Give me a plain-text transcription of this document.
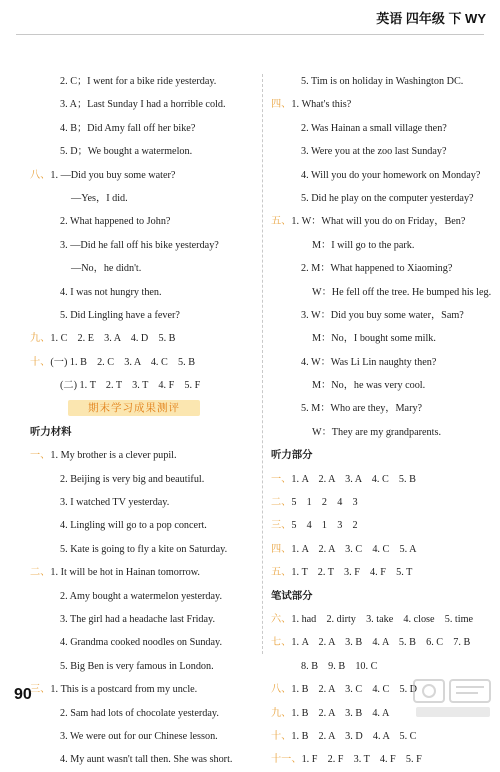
英语 四年级 下 WY
2. C；I went for a bike ride yesterday.
3. A；Last Sunday I had a horrible cold.
4. B；Did Amy fall off her bike?
5. D；We bought a watermelon.
八、1. —Did you buy some water?
—Yes，I did.
2. What happened to John?
3. —Did he fall off his bike yesterday?
—No，he didn't.
4. I was not hungry then.
5. Did Lingling have a fever?
九、1. C　2. E　3. A　4. D　5. B
十、(一) 1. B　2. C　3. A　4. C　5. B
(二) 1. T　2. T　3. T　4. F　5. F
期末学习成果测评
听力材料
一、1. My brother is a clever pupil.
2. Beijing is very big and beautiful.
3. I watched TV yesterday.
4. Lingling will go to a pop concert.
5. Kate is going to fly a kite on Saturday.
二、1. It will be hot in Hainan tomorrow.
2. Amy bought a watermelon yesterday.
3. The girl had a headache last Friday.
4. Grandma cooked noodles on Sunday.
5. Big Ben is very famous in London.
三、1. This is a postcard from my uncle.
2. Sam had lots of chocolate yesterday.
3. We were out for our Chinese lesson.
4. My aunt wasn't tall then. She was short.
5. Tim is on holiday in Washington DC.
四、1. What's this?
2. Was Hainan a small village then?
3. Were you at the zoo last Sunday?
4. Will you do your homework on Monday?
5. Did he play on the computer yesterday?
五、1. W：What will you do on Friday，Ben?
M：I will go to the park.
2. M：What happened to Xiaoming?
W：He fell off the tree. He bumped his leg.
3. W：Did you buy some water，Sam?
M：No，I bought some milk.
4. W：Was Li Lin naughty then?
M：No，he was very cool.
5. M：Who are they，Mary?
W：They are my grandparents.
听力部分
一、1. A　2. A　3. A　4. C　5. B
二、5　1　2　4　3
三、5　4　1　3　2
四、1. A　2. A　3. C　4. C　5. A
五、1. T　2. T　3. F　4. F　5. T
笔试部分
六、1. had　2. dirty　3. take　4. close　5. time
七、1. A　2. A　3. B　4. A　5. B　6. C　7. B
8. B　9. B　10. C
八、1. B　2. A　3. C　4. C　5. D
九、1. B　2. A　3. B　4. A
十、1. B　2. A　3. D　4. A　5. C
十一、1. F　2. F　3. T　4. F　5. F
90
